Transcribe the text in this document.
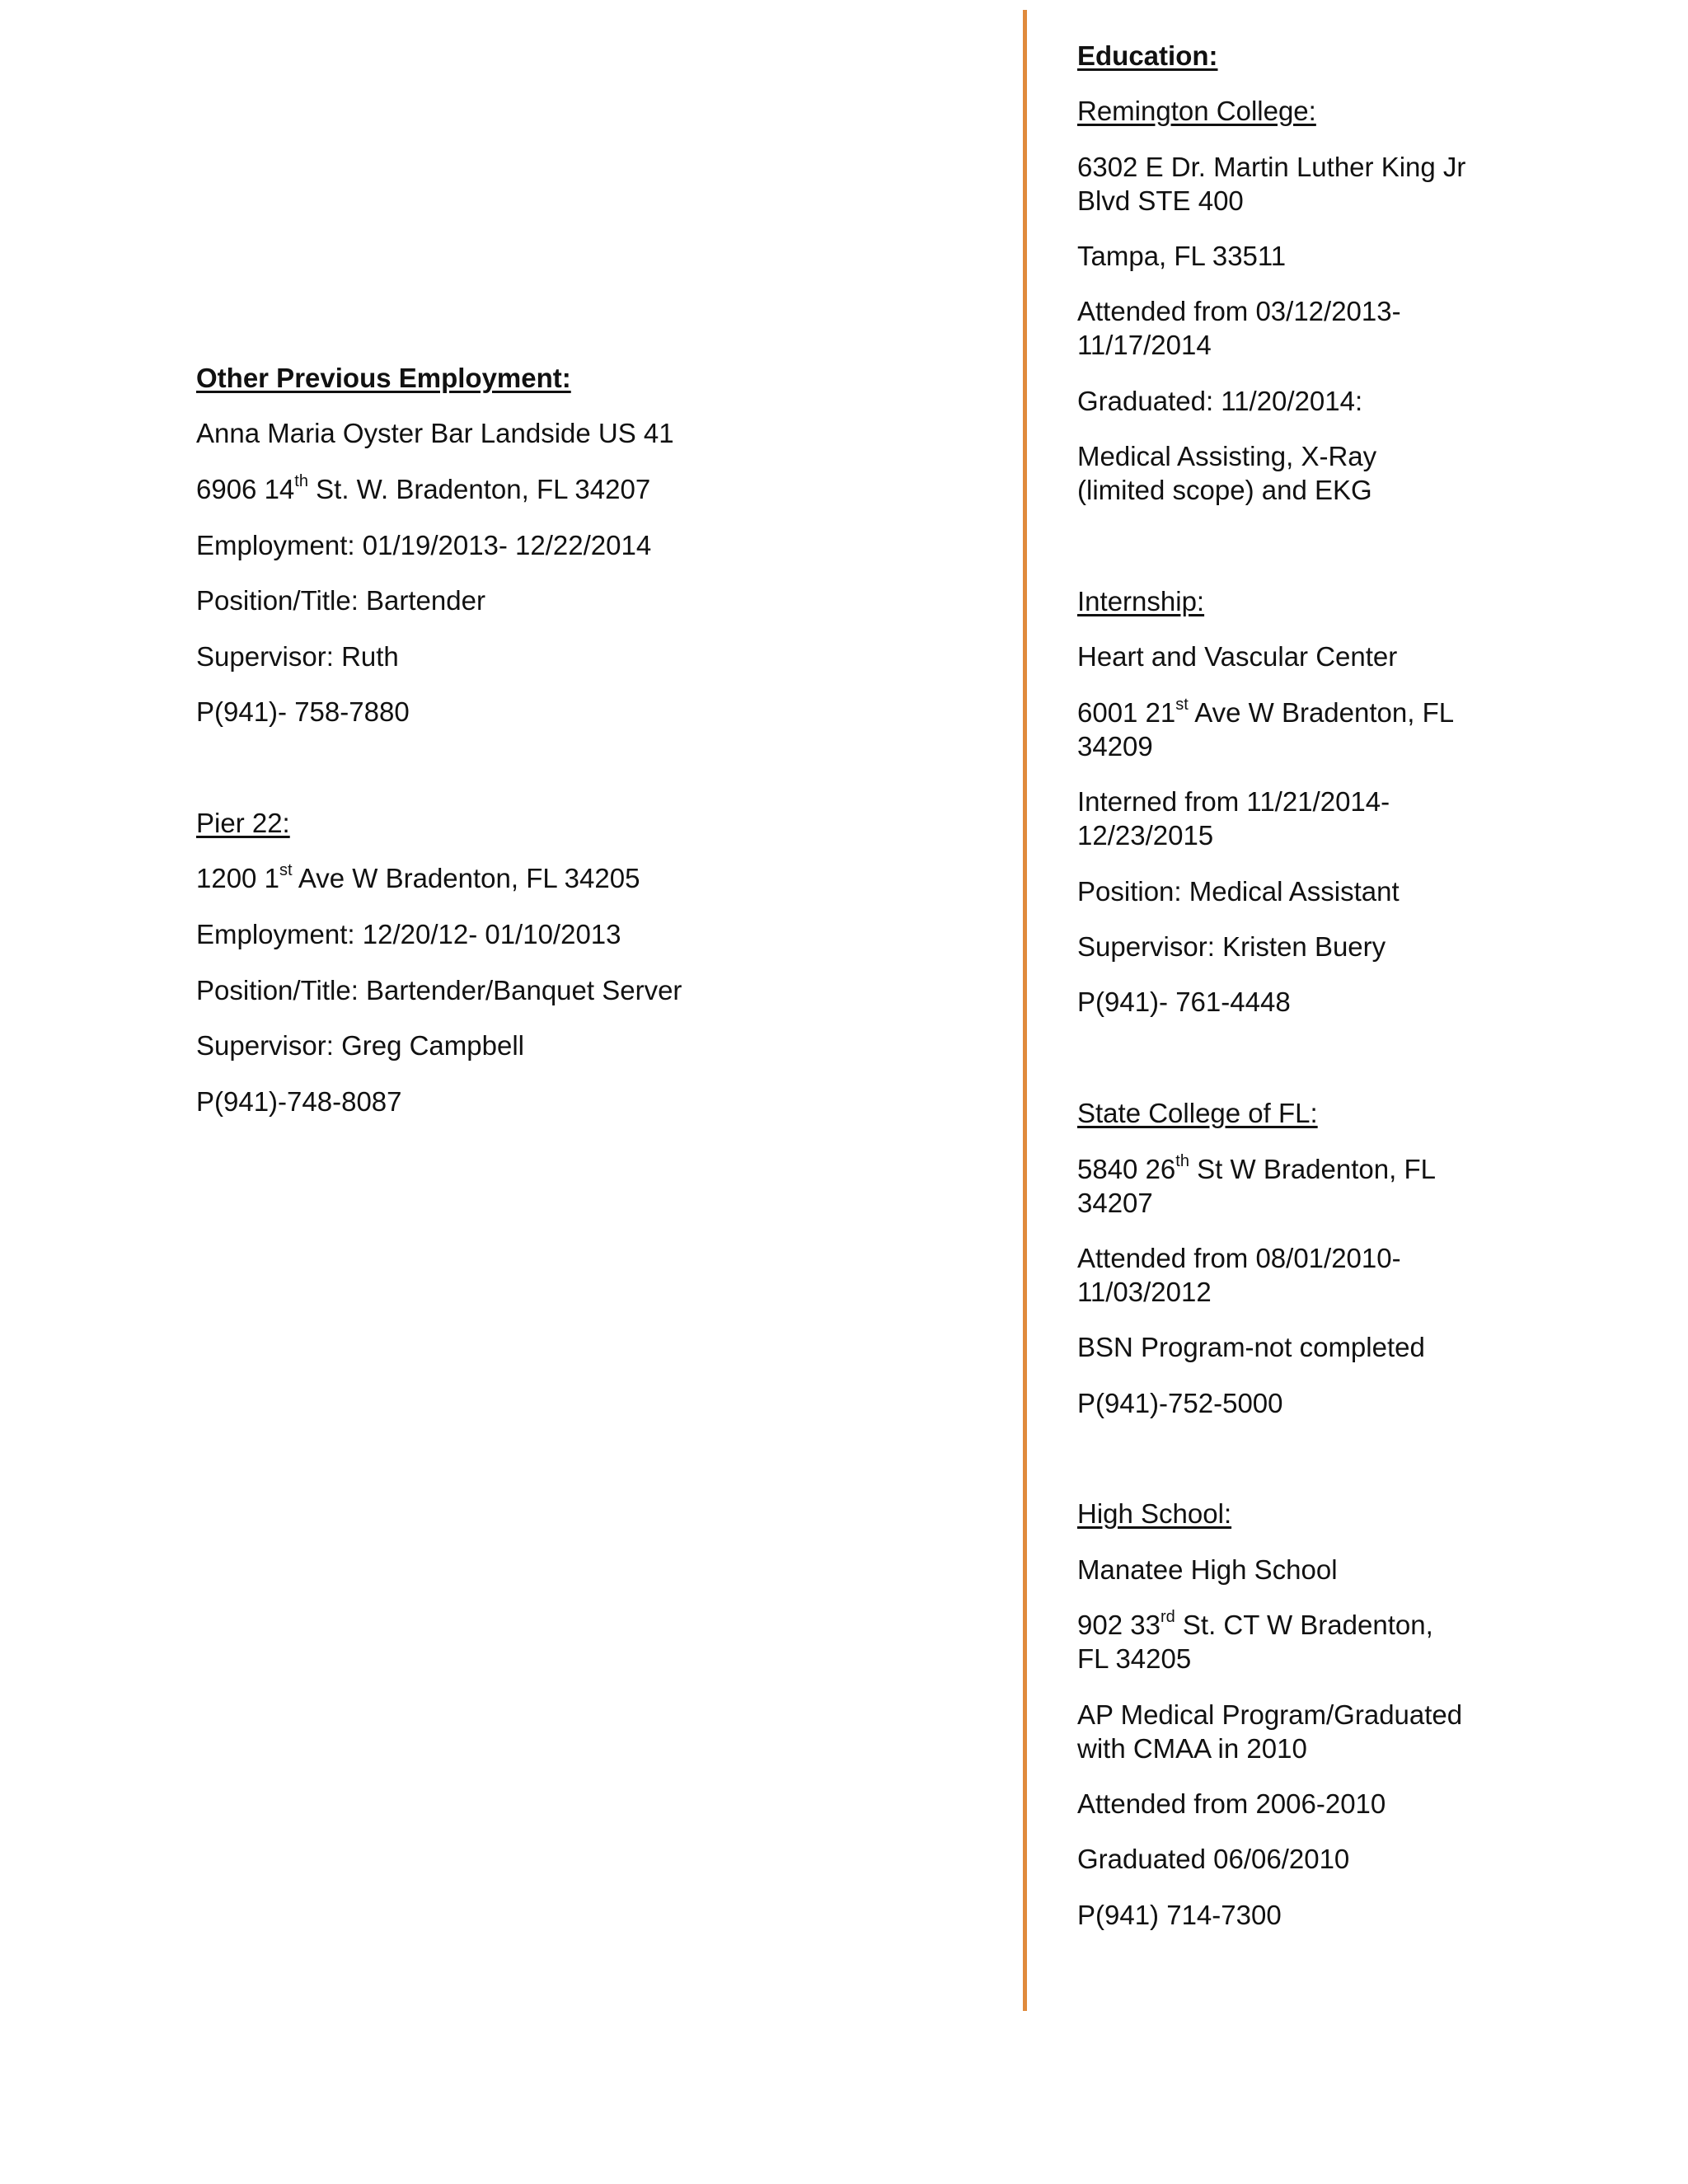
Other Previous Employment:

Anna Maria Oyster Bar Landside US 41

6906 14th St. W. Bradenton, FL 34207

Employment: 01/19/2013- 12/22/2014

Position/Title: Bartender

Supervisor: Ruth

P(941)- 758-7880

Pier 22:

1200 1st Ave W Bradenton, FL 34205

Employment: 12/20/12- 01/10/2013

Position/Title: Bartender/Banquet Server

Supervisor: Greg Campbell

P(941)-748-8087

Education:

Remington College:

6302 E Dr. Martin Luther King Jr

Blvd STE 400

Tampa, FL 33511

Attended from 03/12/2013-

11/17/2014

Graduated: 11/20/2014:

Medical Assisting, X-Ray

(limited scope) and EKG

Internship:

Heart and Vascular Center

6001 21st Ave W Bradenton, FL

34209

Interned from 11/21/2014-

12/23/2015

Position: Medical Assistant

Supervisor: Kristen Buery

P(941)- 761-4448

State College of FL:

5840 26th St W Bradenton, FL

34207

Attended from 08/01/2010-

11/03/2012

BSN Program-not completed

P(941)-752-5000

High School:

Manatee High School

902 33rd St. CT W Bradenton,

FL 34205

AP Medical Program/Graduated

with CMAA in 2010

Attended from 2006-2010

Graduated 06/06/2010

P(941) 714-7300
